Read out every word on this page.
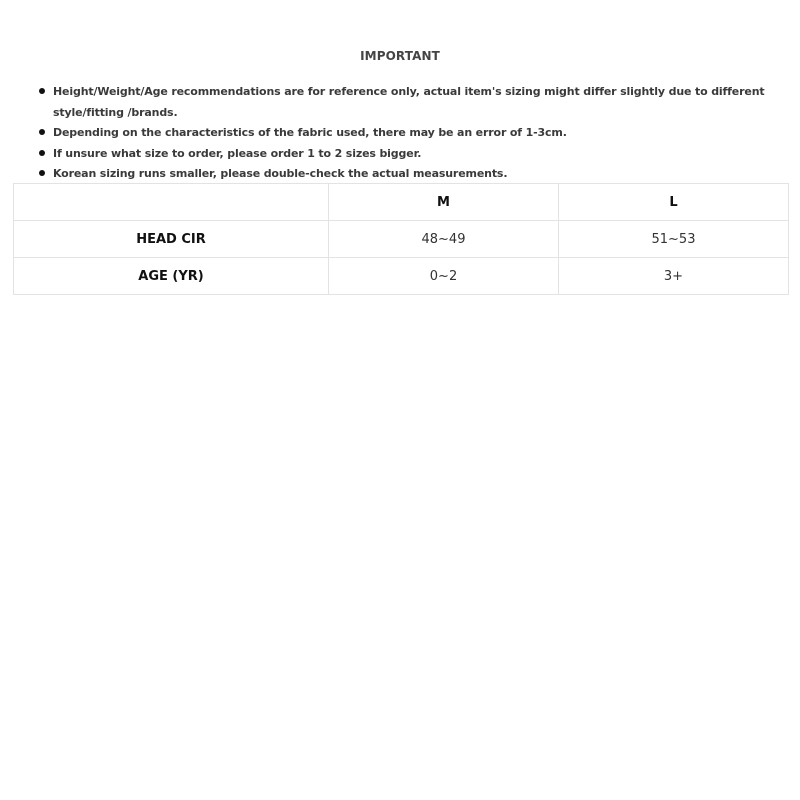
IMPORTANT
Height/Weight/Age recommendations are for reference only, actual item's sizing might differ slightly due to different style/fitting /brands.
Depending on the characteristics of the fabric used, there may be an error of 1-3cm.
If unsure what size to order, please order 1 to 2 sizes bigger.
Korean sizing runs smaller, please double-check the actual measurements.
	M	L
HEAD CIR	48~49	51~53
AGE (YR)	0~2	3+
